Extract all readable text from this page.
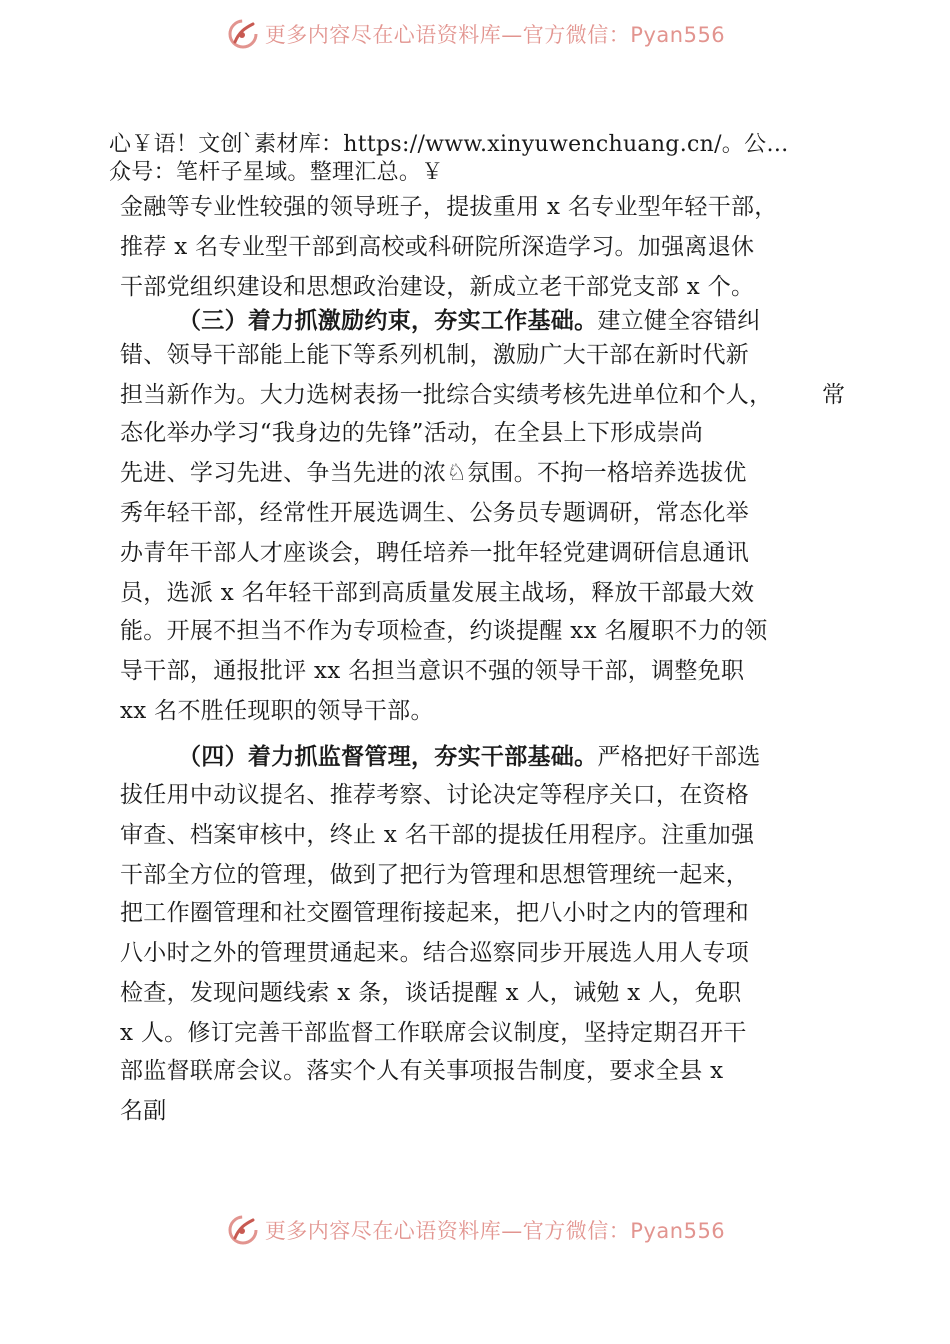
更多内容尽在心语资料库—官方微信：Pyan556
心￥语！文创`素材库：https://www.xinyuwenchuang.cn/。公…
众号：笔杆子星域。整理汇总。￥
金融等专业性较强的领导班子，提拔重用 x 名专业型年轻干部，
推荐 x 名专业型干部到高校或科研院所深造学习。加强离退休
干部党组织建设和思想政治建设，新成立老干部党支部 x 个。
（三）着力抓激励约束，夯实工作基础。建立健全容错纠
错、领导干部能上能下等系列机制，激励广大干部在新时代新
担当新作为。大力选树表扬一批综合实绩考核先进单位和个人， 常
态化举办学习“我身边的先锋”活动，在全县上下形成崇尚
先进、学习先进、争当先进的浓♘氛围。不拘一格培养选拔优
秀年轻干部，经常性开展选调生、公务员专题调研，常态化举
办青年干部人才座谈会，聘任培养一批年轻党建调研信息通讯
员，选派 x 名年轻干部到高质量发展主战场，释放干部最大效
能。开展不担当不作为专项检查，约谈提醒 xx 名履职不力的领
导干部，通报批评 xx 名担当意识不强的领导干部，调整免职
xx 名不胜任现职的领导干部。
（四）着力抓监督管理，夯实干部基础。严格把好干部选
拔任用中动议提名、推荐考察、讨论决定等程序关口，在资格
审查、档案审核中，终止 x 名干部的提拔任用程序。注重加强
干部全方位的管理，做到了把行为管理和思想管理统一起来，
把工作圈管理和社交圈管理衔接起来，把八小时之内的管理和
八小时之外的管理贯通起来。结合巡察同步开展选人用人专项
检查，发现问题线索 x 条，谈话提醒 x 人，诫勉 x 人，免职
x 人。修订完善干部监督工作联席会议制度，坚持定期召开干
部监督联席会议。落实个人有关事项报告制度，要求全县 x
名副
更多内容尽在心语资料库—官方微信：Pyan556
